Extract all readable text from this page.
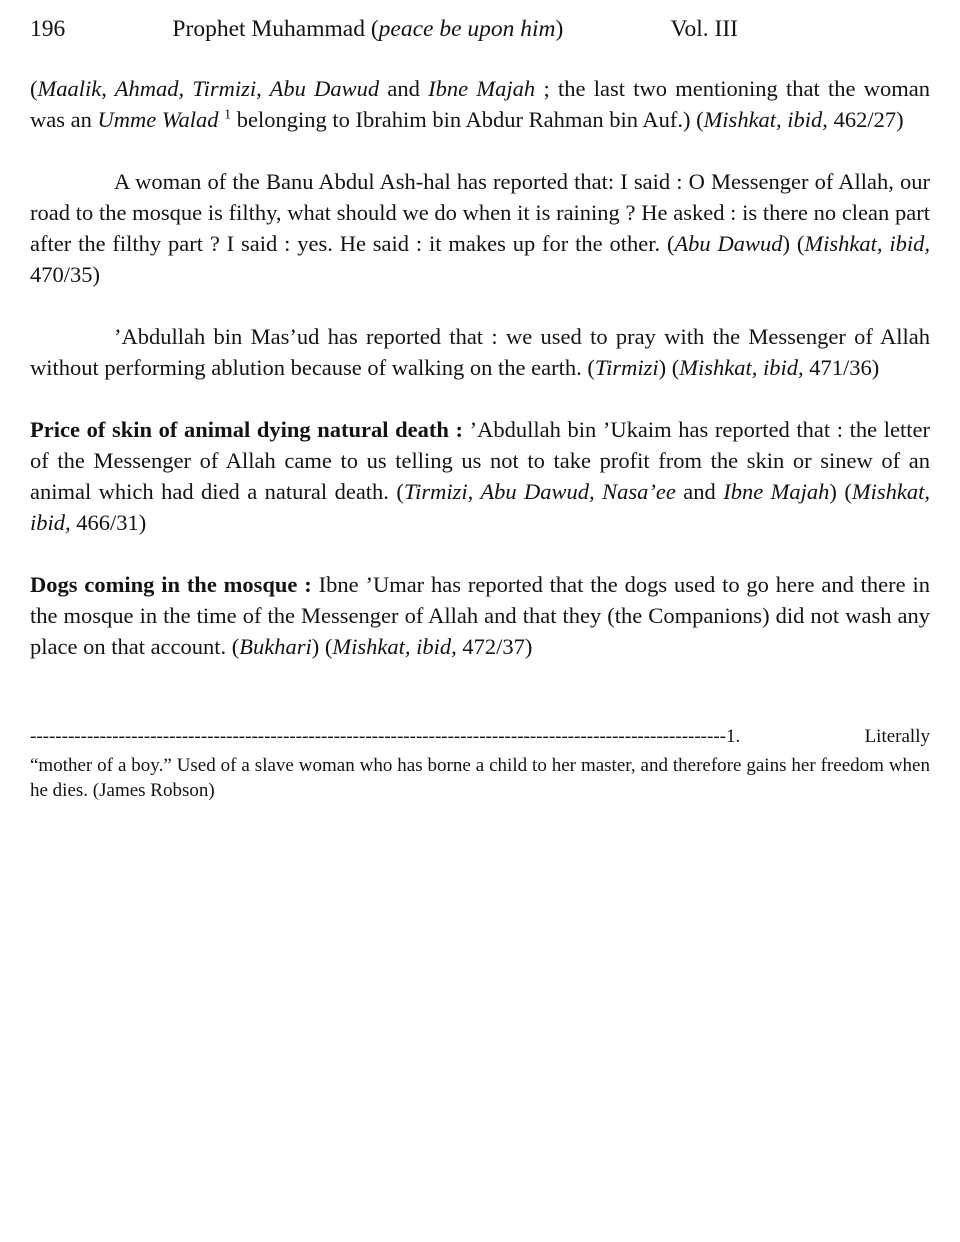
196	Prophet Muhammad (peace be upon him)	Vol. III

(Maalik, Ahmad, Tirmizi, Abu Dawud and Ibne Majah ; the last two mentioning that the woman was an Umme Walad $^1$ belonging to Ibrahim bin Abdur Rahman bin Auf.) (Mishkat, ibid, 462/27)

A woman of the Banu Abdul Ash-hal has reported that: I said : O Messenger of Allah, our road to the mosque is filthy, what should we do when it is raining ? He asked : is there no clean part after the filthy part ? I said : yes. He said : it makes up for the other. (Abu Dawud) (Mishkat, ibid, 470/35)

’Abdullah bin Mas’ud has reported that : we used to pray with the Messenger of Allah without performing ablution because of walking on the earth. (Tirmizi) (Mishkat, ibid, 471/36)

Price of skin of animal dying natural death : ’Abdullah bin ’Ukaim has reported that : the letter of the Messenger of Allah came to us telling us not to take profit from the skin or sinew of an animal which had died a natural death. (Tirmizi, Abu Dawud, Nasa’ee and Ibne Majah) (Mishkat, ibid, 466/31)

Dogs coming in the mosque : Ibne ’Umar has reported that the dogs used to go here and there in the mosque in the time of the Messenger of Allah and that they (the Companions) did not wash any place on that account. (Bukhari) (Mishkat, ibid, 472/37)

--------------------------------------------------------------------------------------------------------------1.	Literally

“mother of a boy.” Used of a slave woman who has borne a child to her master, and therefore gains her freedom when he dies. (James Robson)
